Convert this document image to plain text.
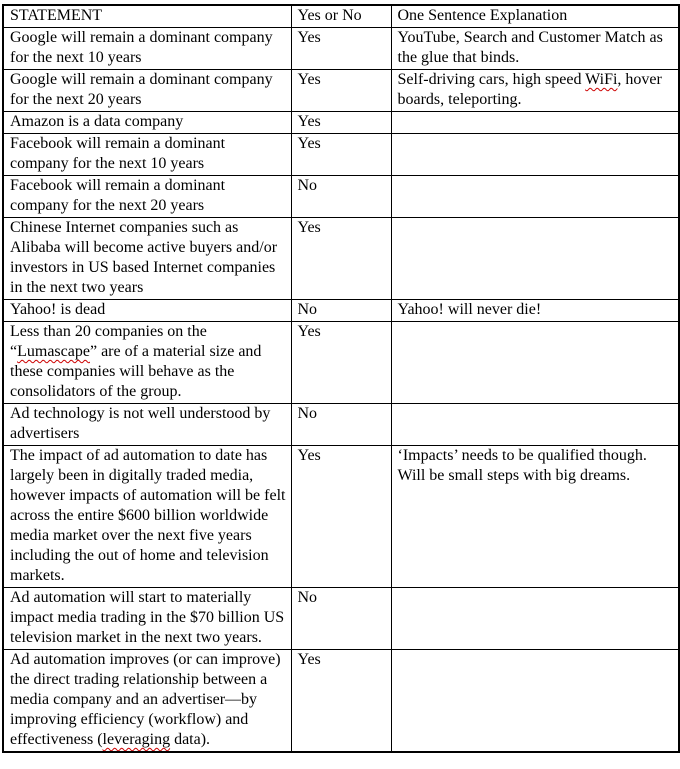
STATEMENT	Yes or No	One Sentence Explanation
Google will remain a dominant company for the next 10 years	Yes	YouTube, Search and Customer Match as the glue that binds.
Google will remain a dominant company for the next 20 years	Yes	Self-driving cars, high speed WiFi, hover boards, teleporting.
Amazon is a data company	Yes	
Facebook will remain a dominant company for the next 10 years	Yes	
Facebook will remain a dominant company for the next 20 years	No	
Chinese Internet companies such as Alibaba will become active buyers and/or investors in US based Internet companies in the next two years	Yes	
Yahoo! is dead	No	Yahoo! will never die!
Less than 20 companies on the “Lumascape” are of a material size and these companies will behave as the consolidators of the group.	Yes	
Ad technology is not well understood by advertisers	No	
The impact of ad automation to date has largely been in digitally traded media, however impacts of automation will be felt across the entire $600 billion worldwide media market over the next five years including the out of home and television markets.	Yes	‘Impacts’ needs to be qualified though. Will be small steps with big dreams.
Ad automation will start to materially impact media trading in the $70 billion US television market in the next two years.	No	
Ad automation improves (or can improve) the direct trading relationship between a media company and an advertiser—by improving efficiency (workflow) and effectiveness (leveraging data).	Yes	
